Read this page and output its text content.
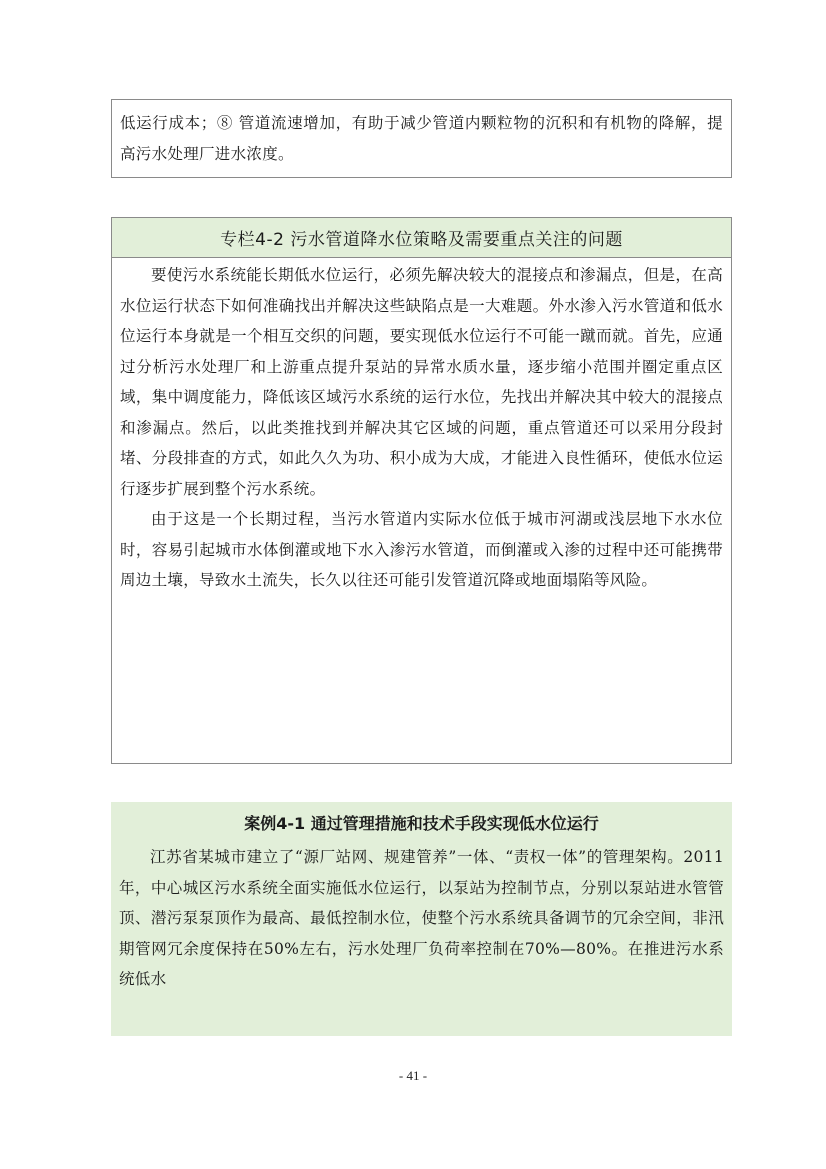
低运行成本；⑧ 管道流速增加，有助于减少管道内颗粒物的沉积和有机物的降解，提高污水处理厂进水浓度。

专栏4-2 污水管道降水位策略及需要重点关注的问题

要使污水系统能长期低水位运行，必须先解决较大的混接点和渗漏点，但是，在高水位运行状态下如何准确找出并解决这些缺陷点是一大难题。外水渗入污水管道和低水位运行本身就是一个相互交织的问题，要实现低水位运行不可能一蹴而就。首先，应通过分析污水处理厂和上游重点提升泵站的异常水质水量，逐步缩小范围并圈定重点区域，集中调度能力，降低该区域污水系统的运行水位，先找出并解决其中较大的混接点和渗漏点。然后，以此类推找到并解决其它区域的问题，重点管道还可以采用分段封堵、分段排查的方式，如此久久为功、积小成为大成，才能进入良性循环，使低水位运行逐步扩展到整个污水系统。

由于这是一个长期过程，当污水管道内实际水位低于城市河湖或浅层地下水水位时，容易引起城市水体倒灌或地下水入渗污水管道，而倒灌或入渗的过程中还可能携带周边土壤，导致水土流失，长久以往还可能引发管道沉降或地面塌陷等风险。

案例4-1 通过管理措施和技术手段实现低水位运行

江苏省某城市建立了“源厂站网、规建管养”一体、“责权一体”的管理架构。2011年，中心城区污水系统全面实施低水位运行，以泵站为控制节点，分别以泵站进水管管顶、潜污泵泵顶作为最高、最低控制水位，使整个污水系统具备调节的冗余空间，非汛期管网冗余度保持在50%左右，污水处理厂负荷率控制在70%—80%。在推进污水系统低水

- 41 -
